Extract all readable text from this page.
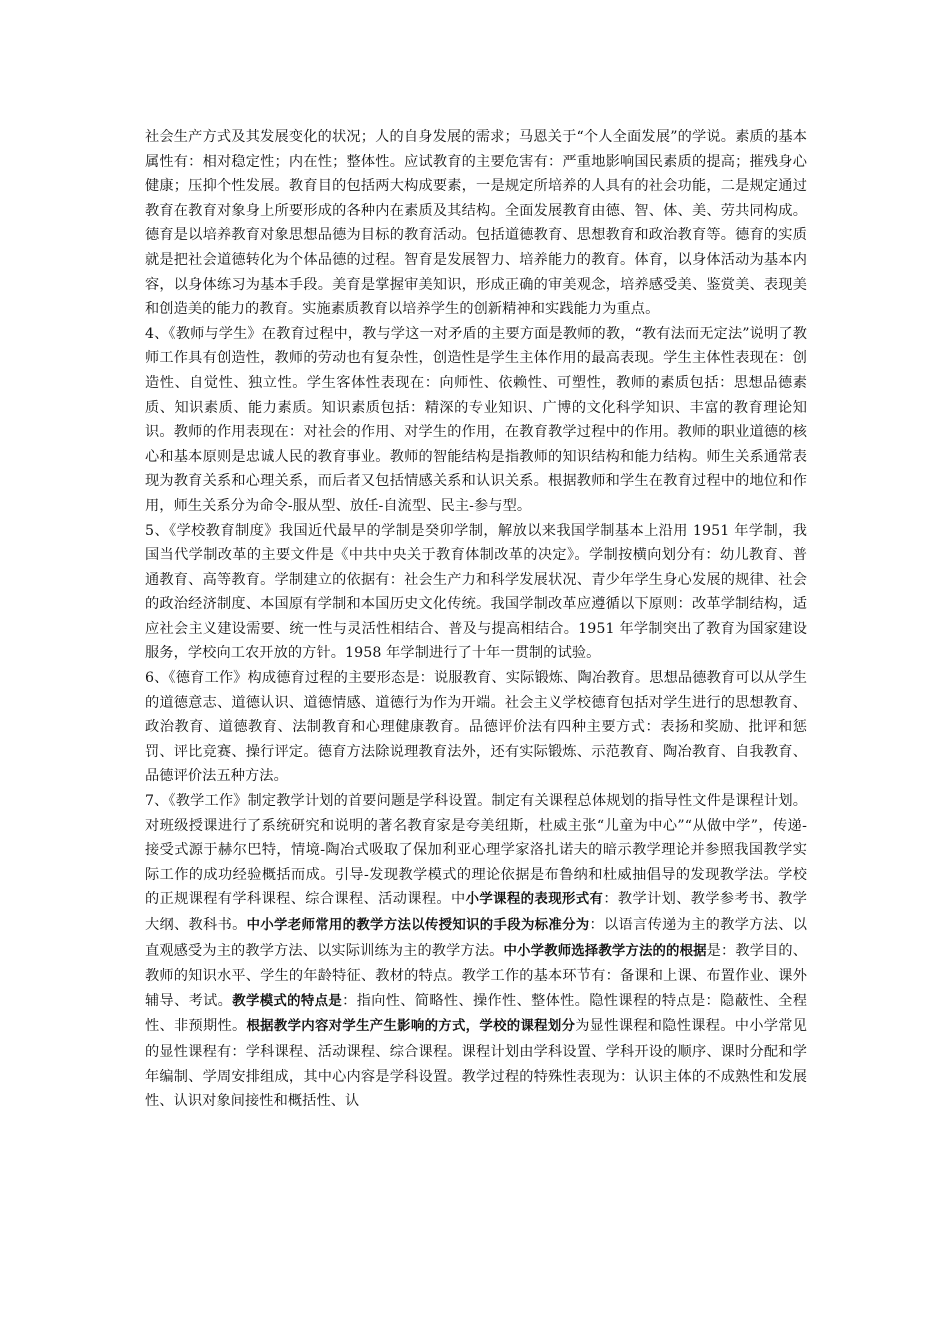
社会生产方式及其发展变化的状况；人的自身发展的需求；马恩关于“个人全面发展”的学说。素质的基本属性有：相对稳定性；内在性；整体性。应试教育的主要危害有：严重地影响国民素质的提高；摧残身心健康；压抑个性发展。教育目的包括两大构成要素，一是规定所培养的人具有的社会功能，二是规定通过教育在教育对象身上所要形成的各种内在素质及其结构。全面发展教育由德、智、体、美、劳共同构成。德育是以培养教育对象思想品德为目标的教育活动。包括道德教育、思想教育和政治教育等。德育的实质就是把社会道德转化为个体品德的过程。智育是发展智力、培养能力的教育。体育，以身体活动为基本内容，以身体练习为基本手段。美育是掌握审美知识，形成正确的审美观念，培养感受美、鉴赏美、表现美和创造美的能力的教育。实施素质教育以培养学生的创新精神和实践能力为重点。

4、《教师与学生》在教育过程中，教与学这一对矛盾的主要方面是教师的教，“教有法而无定法”说明了教师工作具有创造性，教师的劳动也有复杂性，创造性是学生主体作用的最高表现。学生主体性表现在：创造性、自觉性、独立性。学生客体性表现在：向师性、依赖性、可塑性，教师的素质包括：思想品德素质、知识素质、能力素质。知识素质包括：精深的专业知识、广博的文化科学知识、丰富的教育理论知识。教师的作用表现在：对社会的作用、对学生的作用，在教育教学过程中的作用。教师的职业道德的核心和基本原则是忠诚人民的教育事业。教师的智能结构是指教师的知识结构和能力结构。师生关系通常表现为教育关系和心理关系，而后者又包括情感关系和认识关系。根据教师和学生在教育过程中的地位和作用，师生关系分为命令-服从型、放任-自流型、民主-参与型。

5、《学校教育制度》我国近代最早的学制是癸卯学制，解放以来我国学制基本上沿用 1951 年学制，我国当代学制改革的主要文件是《中共中央关于教育体制改革的决定》。学制按横向划分有：幼儿教育、普通教育、高等教育。学制建立的依据有：社会生产力和科学发展状况、青少年学生身心发展的规律、社会的政治经济制度、本国原有学制和本国历史文化传统。我国学制改革应遵循以下原则：改革学制结构，适应社会主义建设需要、统一性与灵活性相结合、普及与提高相结合。1951 年学制突出了教育为国家建设服务，学校向工农开放的方针。1958 年学制进行了十年一贯制的试验。

6、《德育工作》构成德育过程的主要形态是：说服教育、实际锻炼、陶冶教育。思想品德教育可以从学生的道德意志、道德认识、道德情感、道德行为作为开端。社会主义学校德育包括对学生进行的思想教育、政治教育、道德教育、法制教育和心理健康教育。品德评价法有四种主要方式：表扬和奖励、批评和惩罚、评比竞赛、操行评定。德育方法除说理教育法外，还有实际锻炼、示范教育、陶冶教育、自我教育、品德评价法五种方法。

7、《教学工作》制定教学计划的首要问题是学科设置。制定有关课程总体规划的指导性文件是课程计划。对班级授课进行了系统研究和说明的著名教育家是夸美纽斯，杜威主张“儿童为中心”“从做中学”，传递-接受式源于赫尔巴特，情境-陶冶式吸取了保加利亚心理学家洛扎诺夫的暗示教学理论并参照我国教学实际工作的成功经验概括而成。引导-发现教学模式的理论依据是布鲁纳和杜威抽倡导的发现教学法。学校的正规课程有学科课程、综合课程、活动课程。中小学课程的表现形式有：教学计划、教学参考书、教学大纲、教科书。中小学老师常用的教学方法以传授知识的手段为标准分为：以语言传递为主的教学方法、以直观感受为主的教学方法、以实际训练为主的教学方法。中小学教师选择教学方法的的根据是：教学目的、教师的知识水平、学生的年龄特征、教材的特点。教学工作的基本环节有：备课和上课、布置作业、课外辅导、考试。教学模式的特点是：指向性、简略性、操作性、整体性。隐性课程的特点是：隐蔽性、全程性、非预期性。根据教学内容对学生产生影响的方式，学校的课程划分为显性课程和隐性课程。中小学常见的显性课程有：学科课程、活动课程、综合课程。课程计划由学科设置、学科开设的顺序、课时分配和学年编制、学周安排组成，其中心内容是学科设置。教学过程的特殊性表现为：认识主体的不成熟性和发展性、认识对象间接性和概括性、认
